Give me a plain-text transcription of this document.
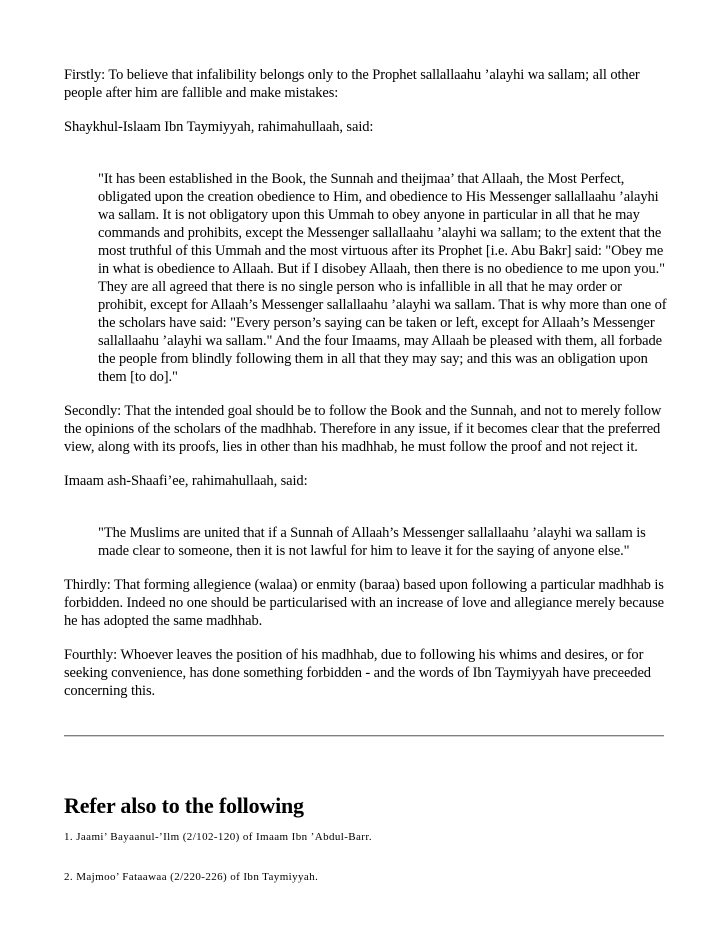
Firstly: To believe that infalibility belongs only to the Prophet sallallaahu ’alayhi wa sallam; all other people after him are fallible and make mistakes:

Shaykhul-Islaam Ibn Taymiyyah, rahimahullaah, said:

"It has been established in the Book, the Sunnah and theijmaa’ that Allaah, the Most Perfect, obligated upon the creation obedience to Him, and obedience to His Messenger sallallaahu ’alayhi wa sallam. It is not obligatory upon this Ummah to obey anyone in particular in all that he may commands and prohibits, except the Messenger sallallaahu ’alayhi wa sallam; to the extent that the most truthful of this Ummah and the most virtuous after its Prophet [i.e. Abu Bakr] said: "Obey me in what is obedience to Allaah. But if I disobey Allaah, then there is no obedience to me upon you." They are all agreed that there is no single person who is infallible in all that he may order or prohibit, except for Allaah’s Messenger sallallaahu ’alayhi wa sallam. That is why more than one of the scholars have said: "Every person’s saying can be taken or left, except for Allaah’s Messenger sallallaahu ’alayhi wa sallam." And the four Imaams, may Allaah be pleased with them, all forbade the people from blindly following them in all that they may say; and this was an obligation upon them [to do]."

Secondly: That the intended goal should be to follow the Book and the Sunnah, and not to merely follow the opinions of the scholars of the madhhab. Therefore in any issue, if it becomes clear that the preferred view, along with its proofs, lies in other than his madhhab, he must follow the proof and not reject it.

Imaam ash-Shaafi’ee, rahimahullaah, said:

"The Muslims are united that if a Sunnah of Allaah’s Messenger sallallaahu ’alayhi wa sallam is made clear to someone, then it is not lawful for him to leave it for the saying of anyone else."

Thirdly: That forming allegience (walaa) or enmity (baraa) based upon following a particular madhhab is forbidden. Indeed no one should be particularised with an increase of love and allegiance merely because he has adopted the same madhhab.

Fourthly: Whoever leaves the position of his madhhab, due to following his whims and desires, or for seeking convenience, has done something forbidden - and the words of Ibn Taymiyyah have preceeded concerning this.

Refer also to the following

1. Jaami’ Bayaanul-’Ilm (2/102-120) of Imaam Ibn ’Abdul-Barr.

2. Majmoo’ Fataawaa (2/220-226) of Ibn Taymiyyah.
